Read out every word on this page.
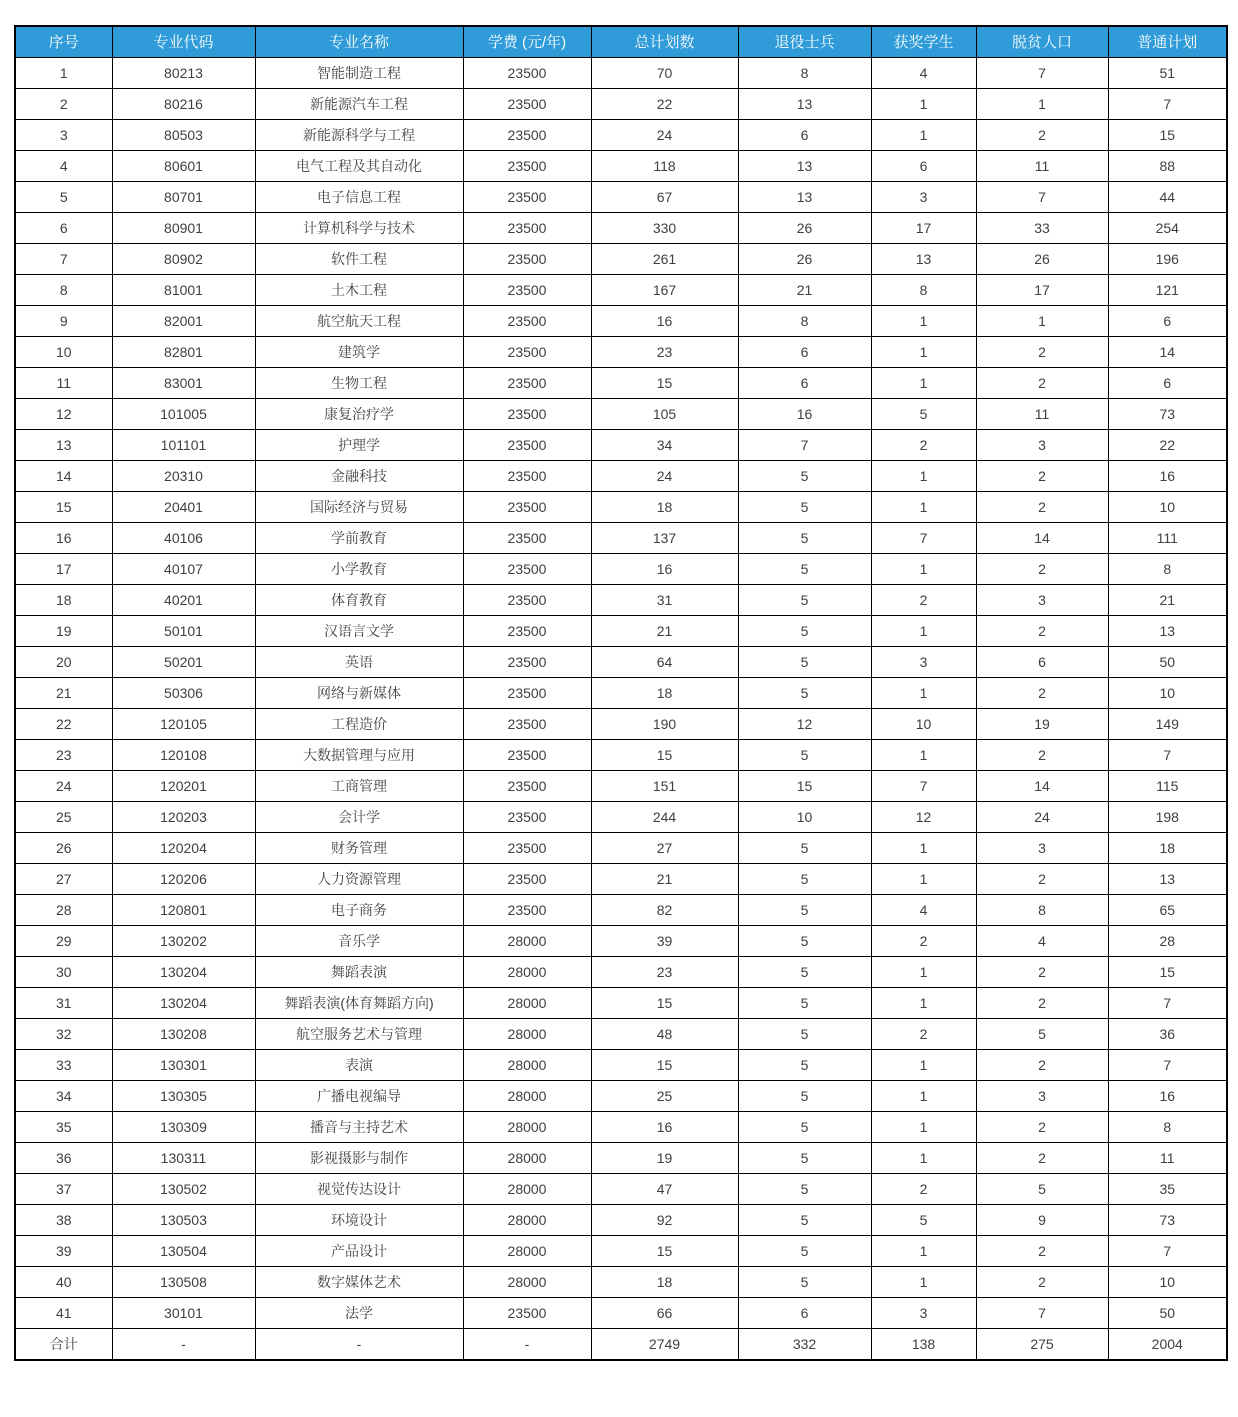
序号	专业代码	专业名称	学费 (元/年)	总计划数	退役士兵	获奖学生	脱贫人口	普通计划
1	80213	智能制造工程	23500	70	8	4	7	51
2	80216	新能源汽车工程	23500	22	13	1	1	7
3	80503	新能源科学与工程	23500	24	6	1	2	15
4	80601	电气工程及其自动化	23500	118	13	6	11	88
5	80701	电子信息工程	23500	67	13	3	7	44
6	80901	计算机科学与技术	23500	330	26	17	33	254
7	80902	软件工程	23500	261	26	13	26	196
8	81001	土木工程	23500	167	21	8	17	121
9	82001	航空航天工程	23500	16	8	1	1	6
10	82801	建筑学	23500	23	6	1	2	14
11	83001	生物工程	23500	15	6	1	2	6
12	101005	康复治疗学	23500	105	16	5	11	73
13	101101	护理学	23500	34	7	2	3	22
14	20310	金融科技	23500	24	5	1	2	16
15	20401	国际经济与贸易	23500	18	5	1	2	10
16	40106	学前教育	23500	137	5	7	14	111
17	40107	小学教育	23500	16	5	1	2	8
18	40201	体育教育	23500	31	5	2	3	21
19	50101	汉语言文学	23500	21	5	1	2	13
20	50201	英语	23500	64	5	3	6	50
21	50306	网络与新媒体	23500	18	5	1	2	10
22	120105	工程造价	23500	190	12	10	19	149
23	120108	大数据管理与应用	23500	15	5	1	2	7
24	120201	工商管理	23500	151	15	7	14	115
25	120203	会计学	23500	244	10	12	24	198
26	120204	财务管理	23500	27	5	1	3	18
27	120206	人力资源管理	23500	21	5	1	2	13
28	120801	电子商务	23500	82	5	4	8	65
29	130202	音乐学	28000	39	5	2	4	28
30	130204	舞蹈表演	28000	23	5	1	2	15
31	130204	舞蹈表演(体育舞蹈方向)	28000	15	5	1	2	7
32	130208	航空服务艺术与管理	28000	48	5	2	5	36
33	130301	表演	28000	15	5	1	2	7
34	130305	广播电视编导	28000	25	5	1	3	16
35	130309	播音与主持艺术	28000	16	5	1	2	8
36	130311	影视摄影与制作	28000	19	5	1	2	11
37	130502	视觉传达设计	28000	47	5	2	5	35
38	130503	环境设计	28000	92	5	5	9	73
39	130504	产品设计	28000	15	5	1	2	7
40	130508	数字媒体艺术	28000	18	5	1	2	10
41	30101	法学	23500	66	6	3	7	50
合计	-	-	-	2749	332	138	275	2004
